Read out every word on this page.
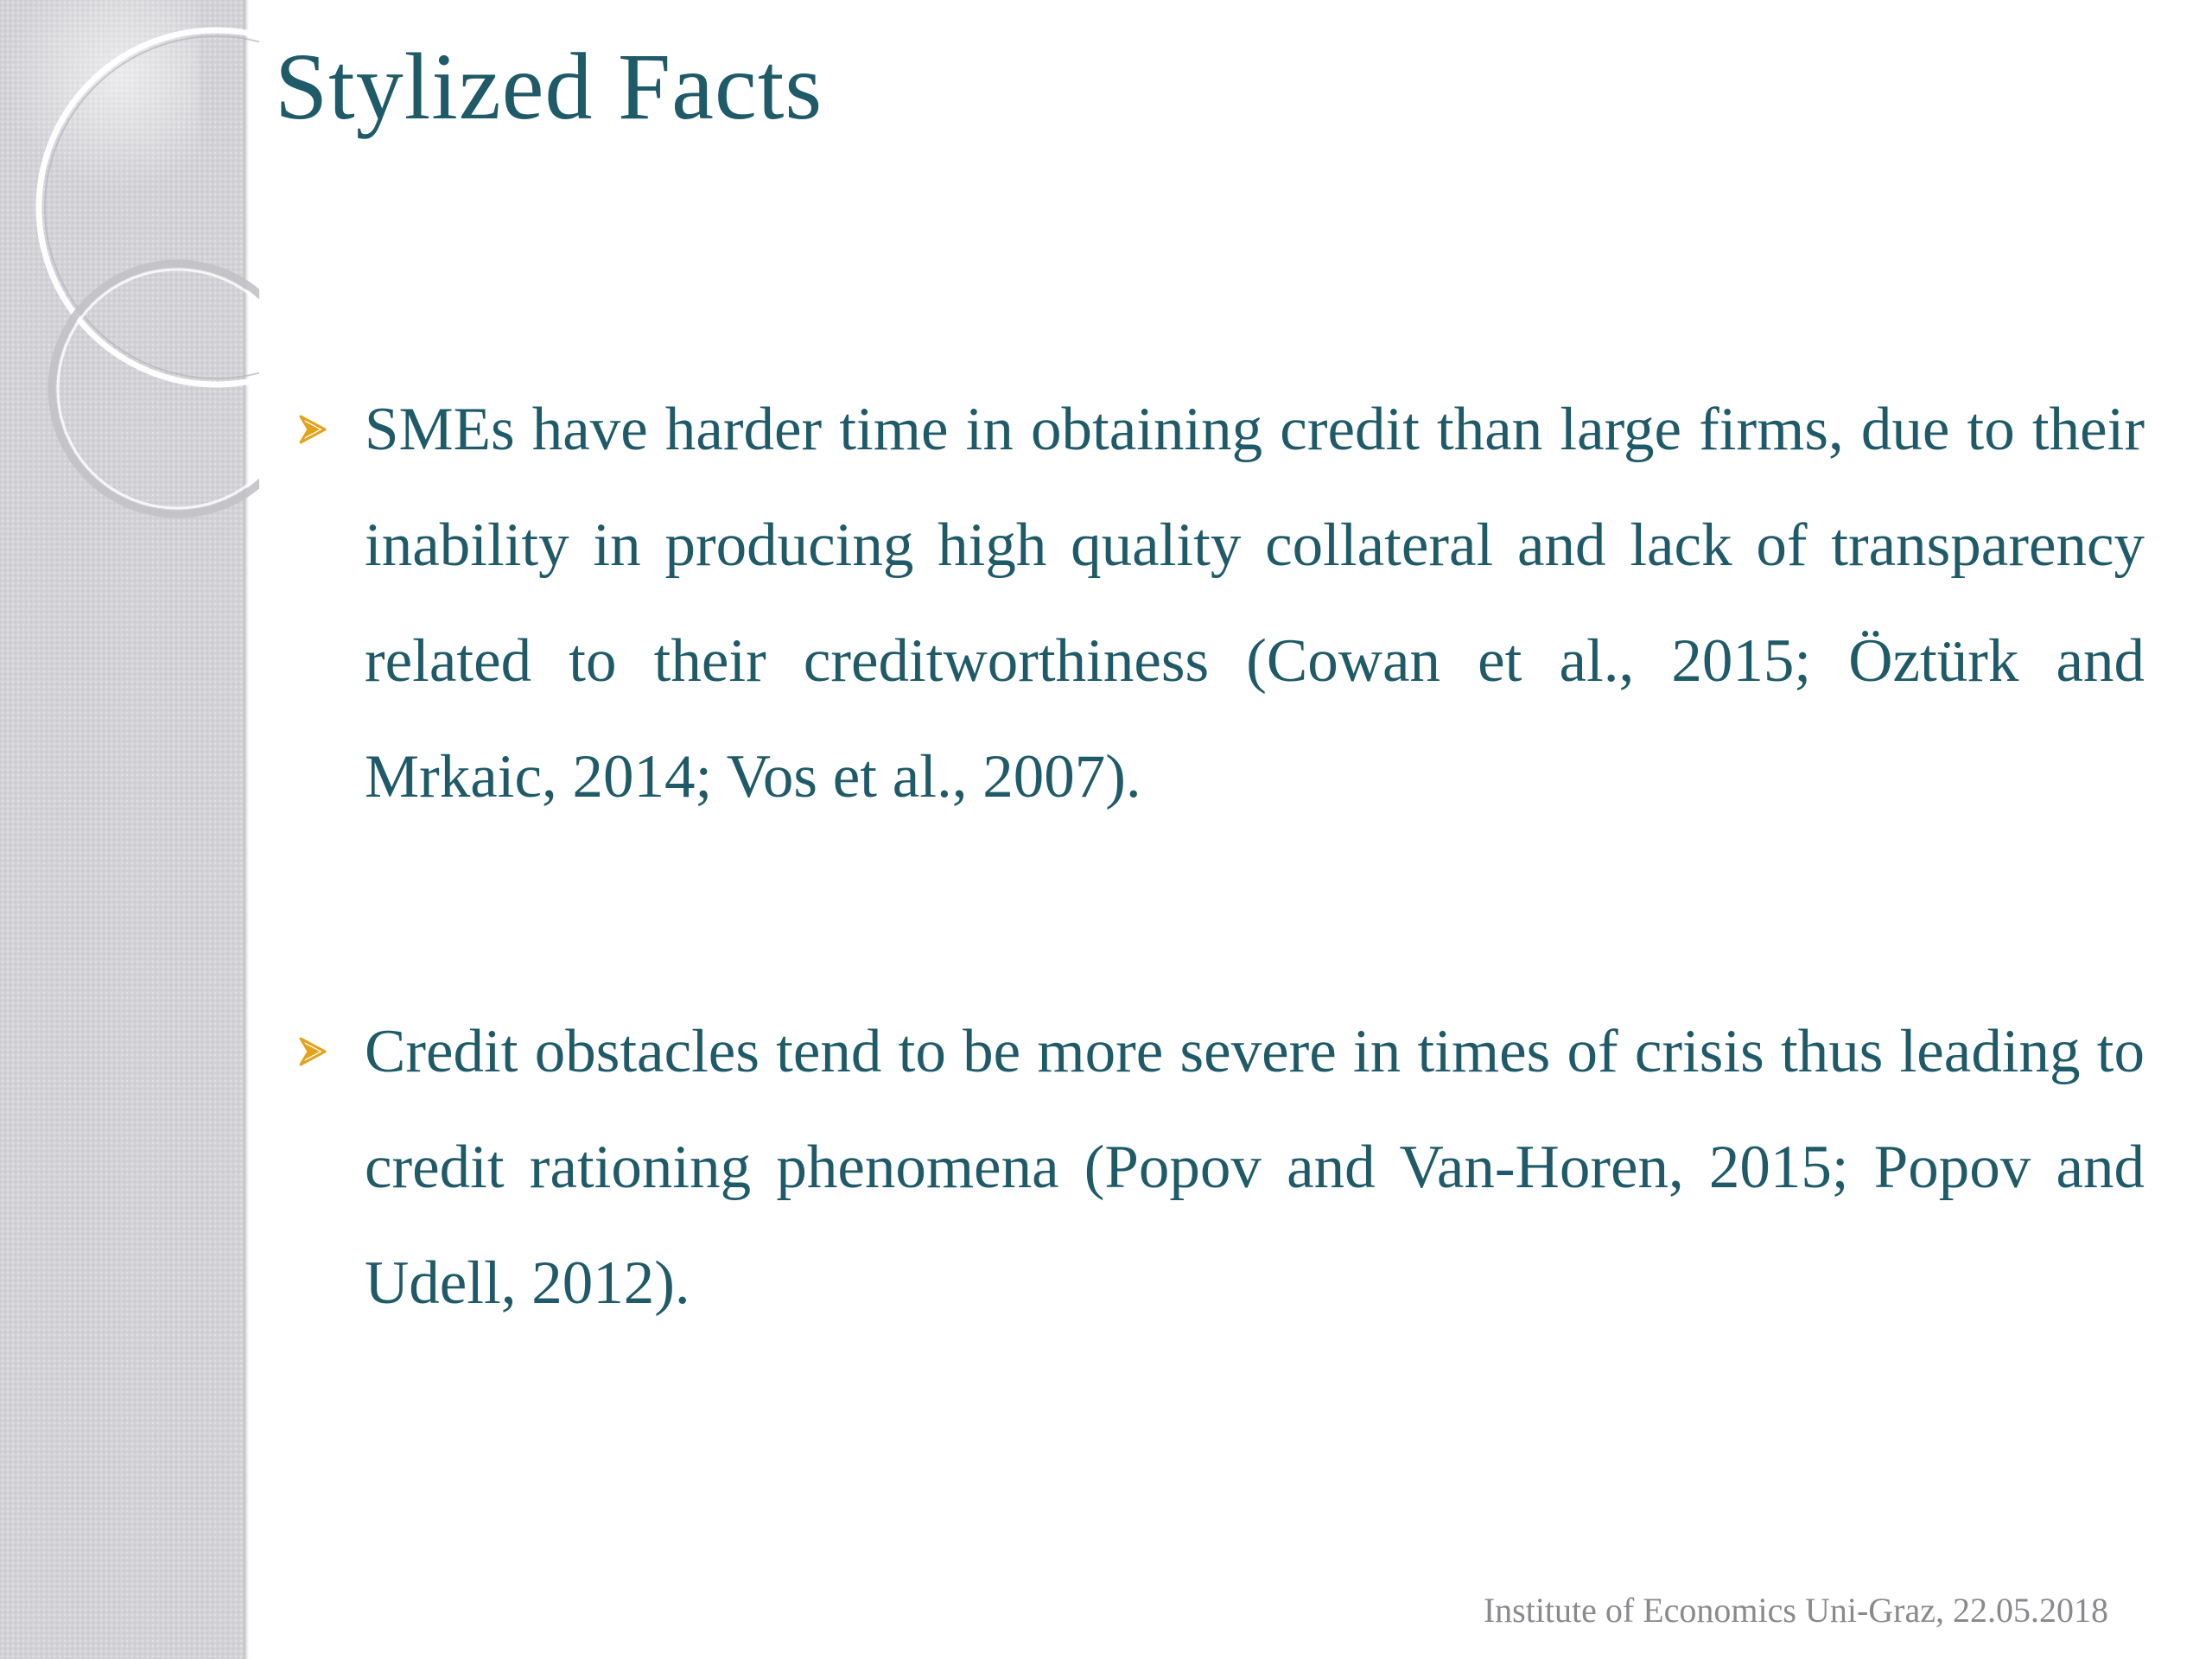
Stylized Facts

SMEs have harder time in obtaining credit than large firms, due to their inability in producing high quality collateral and lack of transparency related to their creditworthiness (Cowan et al., 2015; Öztürk and Mrkaic, 2014; Vos et al., 2007).

Credit obstacles tend to be more severe in times of crisis thus leading to credit rationing phenomena (Popov and Van-Horen, 2015; Popov and Udell, 2012).

Institute of Economics Uni-Graz, 22.05.2018
